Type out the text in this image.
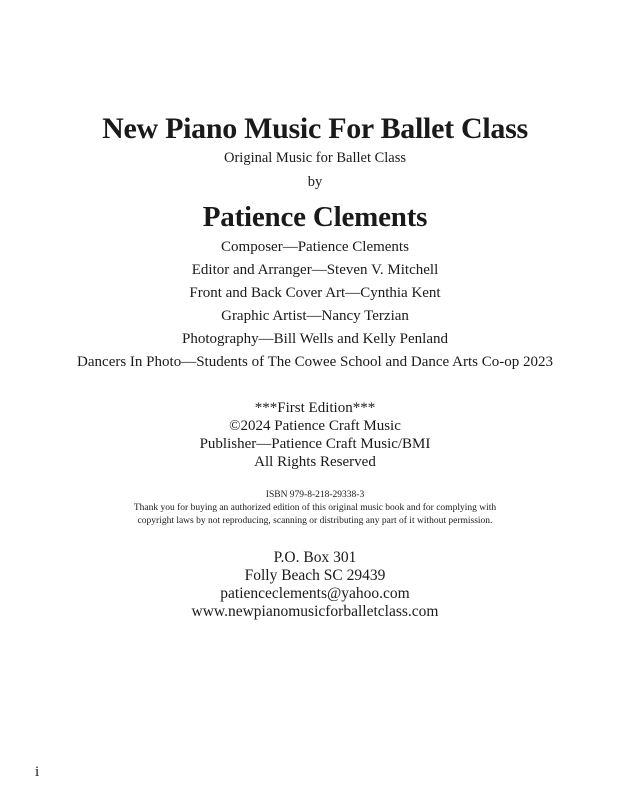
New Piano Music For Ballet Class
Original Music for Ballet Class
by
Patience Clements
Composer—Patience Clements
Editor and Arranger—Steven V. Mitchell
Front and Back Cover Art—Cynthia Kent
Graphic Artist—Nancy Terzian
Photography—Bill Wells and Kelly Penland
Dancers In Photo—Students of The Cowee School and Dance Arts Co-op 2023
***First Edition***
©2024 Patience Craft Music
Publisher—Patience Craft Music/BMI
All Rights Reserved
ISBN 979-8-218-29338-3
Thank you for buying an authorized edition of this original music book and for complying with
copyright laws by not reproducing, scanning or distributing any part of it without permission.
P.O. Box 301
Folly Beach SC 29439
patienceclements@yahoo.com
www.newpianomusicforballetclass.com
i
